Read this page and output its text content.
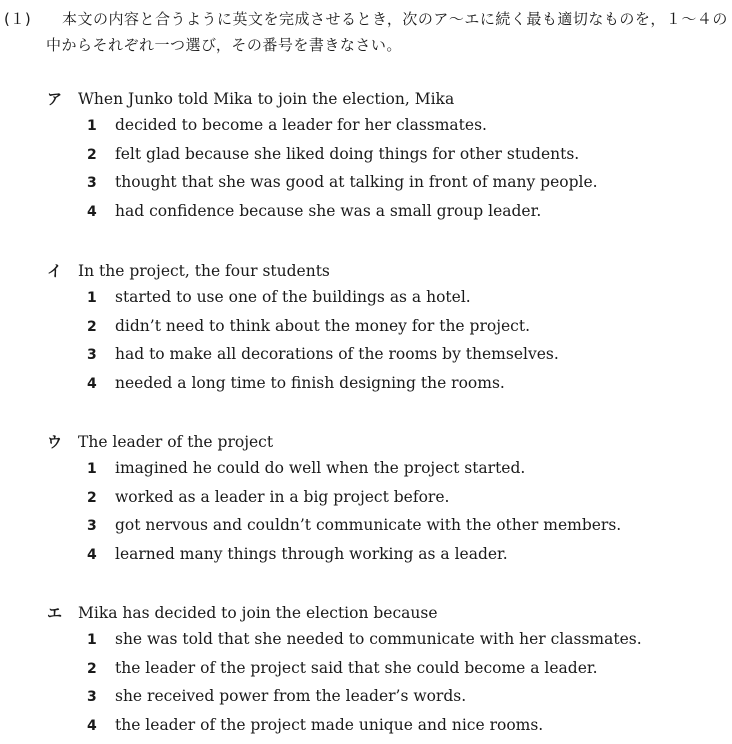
(１)	本文の内容と合うように英文を完成させるとき，次のア～エに続く最も適切なものを，１～４の
中からそれぞれ一つ選び，その番号を書きなさい。
ア	When Junko told Mika to join the election, Mika
1	decided to become a leader for her classmates.
2	felt glad because she liked doing things for other students.
3	thought that she was good at talking in front of many people.
4	had confidence because she was a small group leader.
イ	In the project, the four students
1	started to use one of the buildings as a hotel.
2	didn’t need to think about the money for the project.
3	had to make all decorations of the rooms by themselves.
4	needed a long time to finish designing the rooms.
ウ	The leader of the project
1	imagined he could do well when the project started.
2	worked as a leader in a big project before.
3	got nervous and couldn’t communicate with the other members.
4	learned many things through working as a leader.
エ	Mika has decided to join the election because
1	she was told that she needed to communicate with her classmates.
2	the leader of the project said that she could become a leader.
3	she received power from the leader’s words.
4	the leader of the project made unique and nice rooms.
